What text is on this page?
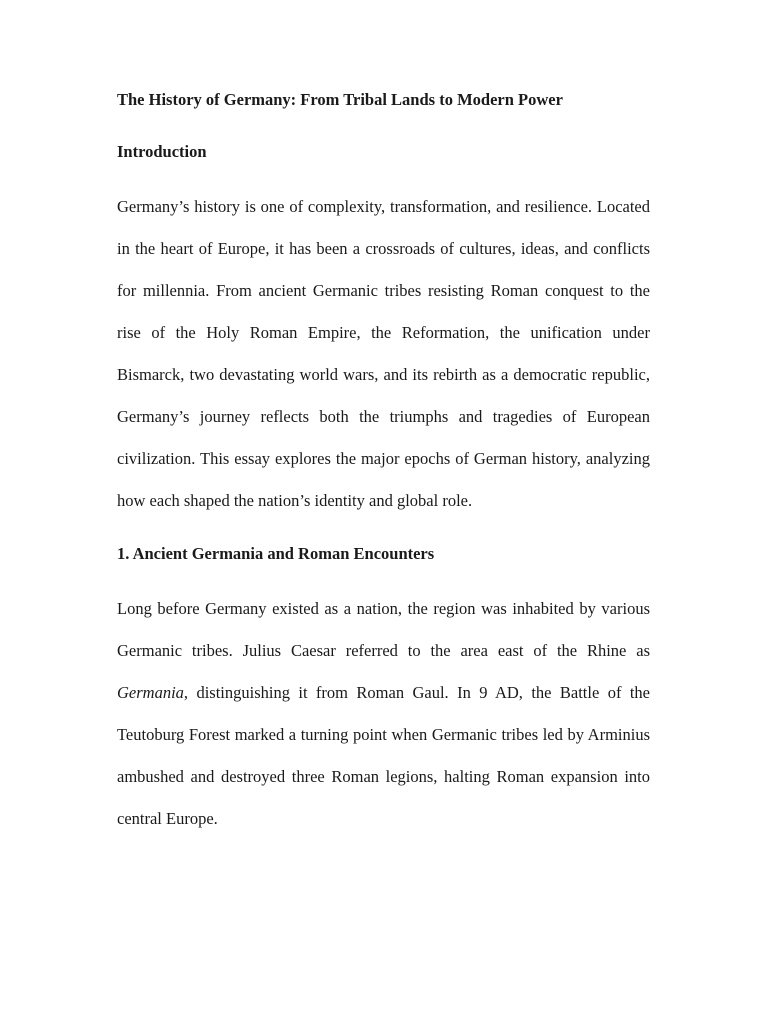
The History of Germany: From Tribal Lands to Modern Power
Introduction

Germany’s history is one of complexity, transformation, and resilience. Located in the heart of Europe, it has been a crossroads of cultures, ideas, and conflicts for millennia. From ancient Germanic tribes resisting Roman conquest to the rise of the Holy Roman Empire, the Reformation, the unification under Bismarck, two devastating world wars, and its rebirth as a democratic republic, Germany’s journey reflects both the triumphs and tragedies of European civilization. This essay explores the major epochs of German history, analyzing how each shaped the nation’s identity and global role.

1. Ancient Germania and Roman Encounters

Long before Germany existed as a nation, the region was inhabited by various Germanic tribes. Julius Caesar referred to the area east of the Rhine as Germania, distinguishing it from Roman Gaul. In 9 AD, the Battle of the Teutoburg Forest marked a turning point when Germanic tribes led by Arminius ambushed and destroyed three Roman legions, halting Roman expansion into central Europe.
